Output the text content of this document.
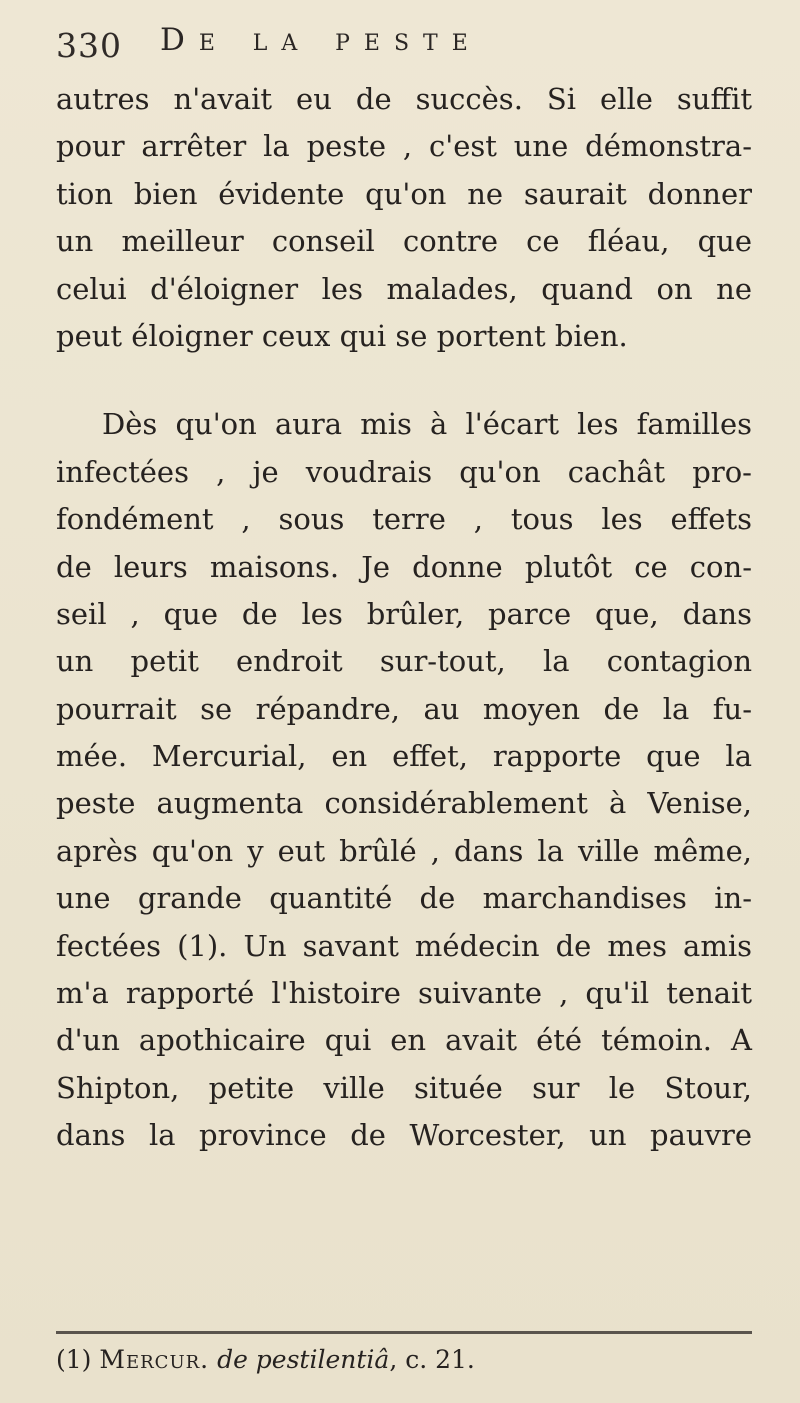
330 De la peste
autres n'avait eu de succès. Si elle suffit
pour arrêter la peste , c'est une démonstra-
tion bien évidente qu'on ne saurait donner
un meilleur conseil contre ce fléau, que
celui d'éloigner les malades, quand on ne
peut éloigner ceux qui se portent bien.
Dès qu'on aura mis à l'écart les familles
infectées , je voudrais qu'on cachât pro-
fondément , sous terre , tous les effets
de leurs maisons. Je donne plutôt ce con-
seil , que de les brûler, parce que, dans
un petit endroit sur-tout, la contagion
pourrait se répandre, au moyen de la fu-
mée. Mercurial, en effet, rapporte que la
peste augmenta considérablement à Venise,
après qu'on y eut brûlé , dans la ville même,
une grande quantité de marchandises in-
fectées (1). Un savant médecin de mes amis
m'a rapporté l'histoire suivante , qu'il tenait
d'un apothicaire qui en avait été témoin. A
Shipton, petite ville située sur le Stour,
dans la province de Worcester, un pauvre
(1) Mercur. de pestilentiâ, c. 21.
